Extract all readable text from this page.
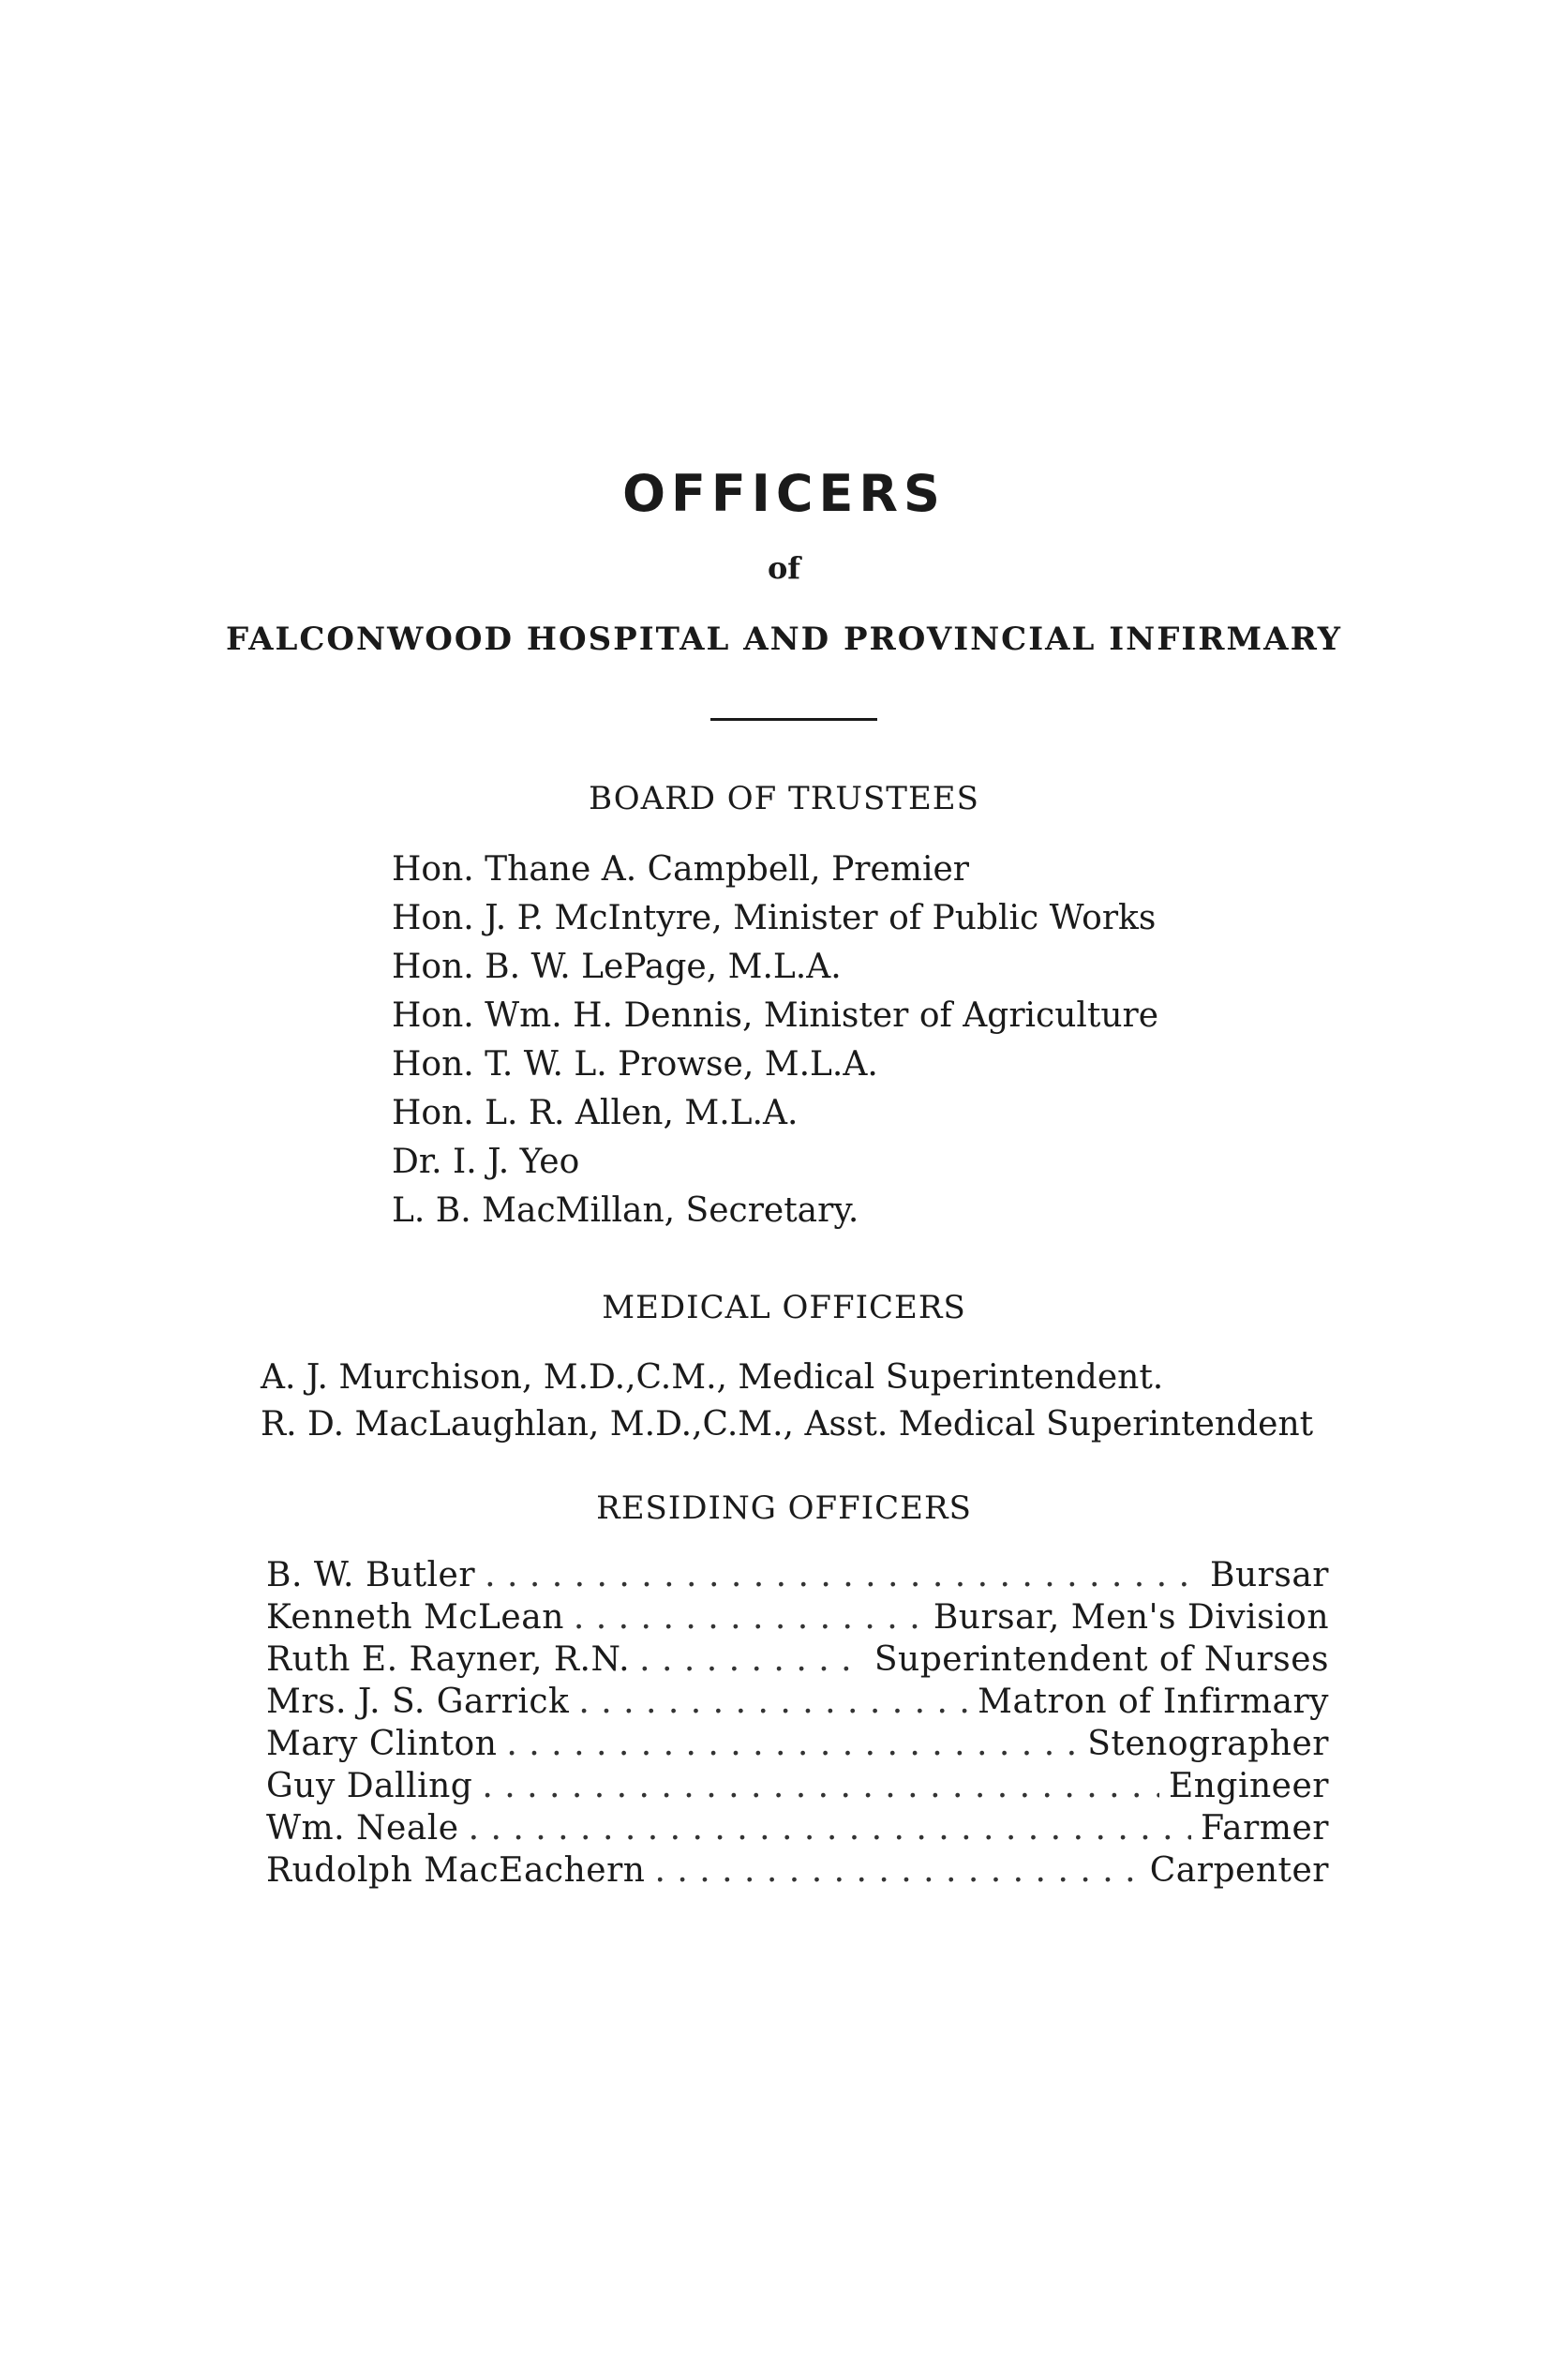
OFFICERS
of
FALCONWOOD HOSPITAL AND PROVINCIAL INFIRMARY
BOARD OF TRUSTEES
Hon. Thane A. Campbell, Premier
Hon. J. P. McIntyre, Minister of Public Works
Hon. B. W. LePage, M.L.A.
Hon. Wm. H. Dennis, Minister of Agriculture
Hon. T. W. L. Prowse, M.L.A.
Hon. L. R. Allen, M.L.A.
Dr. I. J. Yeo
L. B. MacMillan, Secretary.
MEDICAL OFFICERS
A. J. Murchison, M.D.,C.M., Medical Superintendent.
R. D. MacLaughlan, M.D.,C.M., Asst. Medical Superintendent
RESIDING OFFICERS
B. W. Butler . . .	Bursar
Kenneth McLean . . .	Bursar, Men's Division
Ruth E. Rayner, R.N. . . .	Superintendent of Nurses
Mrs. J. S. Garrick . . .	Matron of Infirmary
Mary Clinton . . .	Stenographer
Guy Dalling . . .	Engineer
Wm. Neale . . .	Farmer
Rudolph MacEachern . . .	Carpenter
